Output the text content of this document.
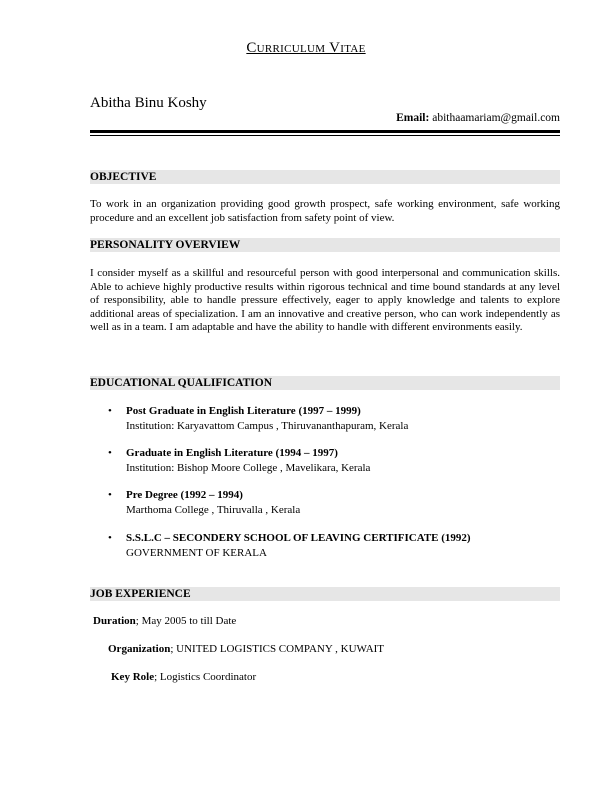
Curriculum Vitae
Abitha Binu Koshy
Email: abithaamariam@gmail.com
OBJECTIVE
To work in an organization providing good growth prospect, safe working environment, safe working procedure and an excellent job satisfaction from safety point of view.
PERSONALITY OVERVIEW
I consider myself as a skillful and resourceful person with good interpersonal and communication skills. Able to achieve highly productive results within rigorous technical and time bound standards at any level of responsibility, able to handle pressure effectively, eager to apply knowledge and talents to explore additional areas of specialization. I am an innovative and creative person, who can work independently as well as in a team. I am adaptable and have the ability to handle with different environments easily.
EDUCATIONAL QUALIFICATION
• Post Graduate in English Literature (1997 – 1999)
Institution: Karyavattom Campus , Thiruvananthapuram, Kerala
• Graduate in English Literature (1994 – 1997)
Institution: Bishop Moore College , Mavelikara, Kerala
• Pre Degree (1992 – 1994)
Marthoma College , Thiruvalla , Kerala
• S.S.L.C – SECONDERY SCHOOL OF LEAVING CERTIFICATE (1992)
GOVERNMENT OF KERALA
JOB EXPERIENCE
Duration; May 2005 to till Date
Organization; UNITED LOGISTICS COMPANY , KUWAIT
Key Role; Logistics Coordinator
